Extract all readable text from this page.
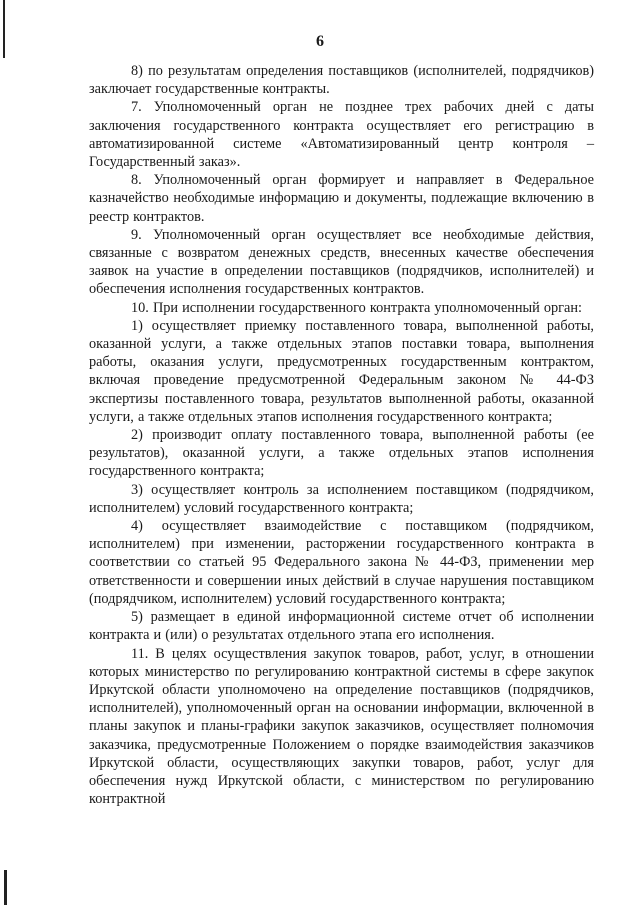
6

8) по результатам определения поставщиков (исполнителей, подрядчиков) заключает государственные контракты.

7. Уполномоченный орган не позднее трех рабочих дней с даты заключения государственного контракта осуществляет его регистрацию в автоматизированной системе «Автоматизированный центр контроля – Государственный заказ».

8. Уполномоченный орган формирует и направляет в Федеральное казначейство необходимые информацию и документы, подлежащие включению в реестр контрактов.

9. Уполномоченный орган осуществляет все необходимые действия, связанные с возвратом денежных средств, внесенных качестве обеспечения заявок на участие в определении поставщиков (подрядчиков, исполнителей) и обеспечения исполнения государственных контрактов.

10. При исполнении государственного контракта уполномоченный орган:

1) осуществляет приемку поставленного товара, выполненной работы, оказанной услуги, а также отдельных этапов поставки товара, выполнения работы, оказания услуги, предусмотренных государственным контрактом, включая проведение предусмотренной Федеральным законом № 44-ФЗ экспертизы поставленного товара, результатов выполненной работы, оказанной услуги, а также отдельных этапов исполнения государственного контракта;

2) производит оплату поставленного товара, выполненной работы (ее результатов), оказанной услуги, а также отдельных этапов исполнения государственного контракта;

3) осуществляет контроль за исполнением поставщиком (подрядчиком, исполнителем) условий государственного контракта;

4) осуществляет взаимодействие с поставщиком (подрядчиком, исполнителем) при изменении, расторжении государственного контракта в соответствии со статьей 95 Федерального закона № 44-ФЗ, применении мер ответственности и совершении иных действий в случае нарушения поставщиком (подрядчиком, исполнителем) условий государственного контракта;

5) размещает в единой информационной системе отчет об исполнении контракта и (или) о результатах отдельного этапа его исполнения.

11. В целях осуществления закупок товаров, работ, услуг, в отношении которых министерство по регулированию контрактной системы в сфере закупок Иркутской области уполномочено на определение поставщиков (подрядчиков, исполнителей), уполномоченный орган на основании информации, включенной в планы закупок и планы-графики закупок заказчиков, осуществляет полномочия заказчика, предусмотренные Положением о порядке взаимодействия заказчиков Иркутской области, осуществляющих закупки товаров, работ, услуг для обеспечения нужд Иркутской области, с министерством по регулированию контрактной
